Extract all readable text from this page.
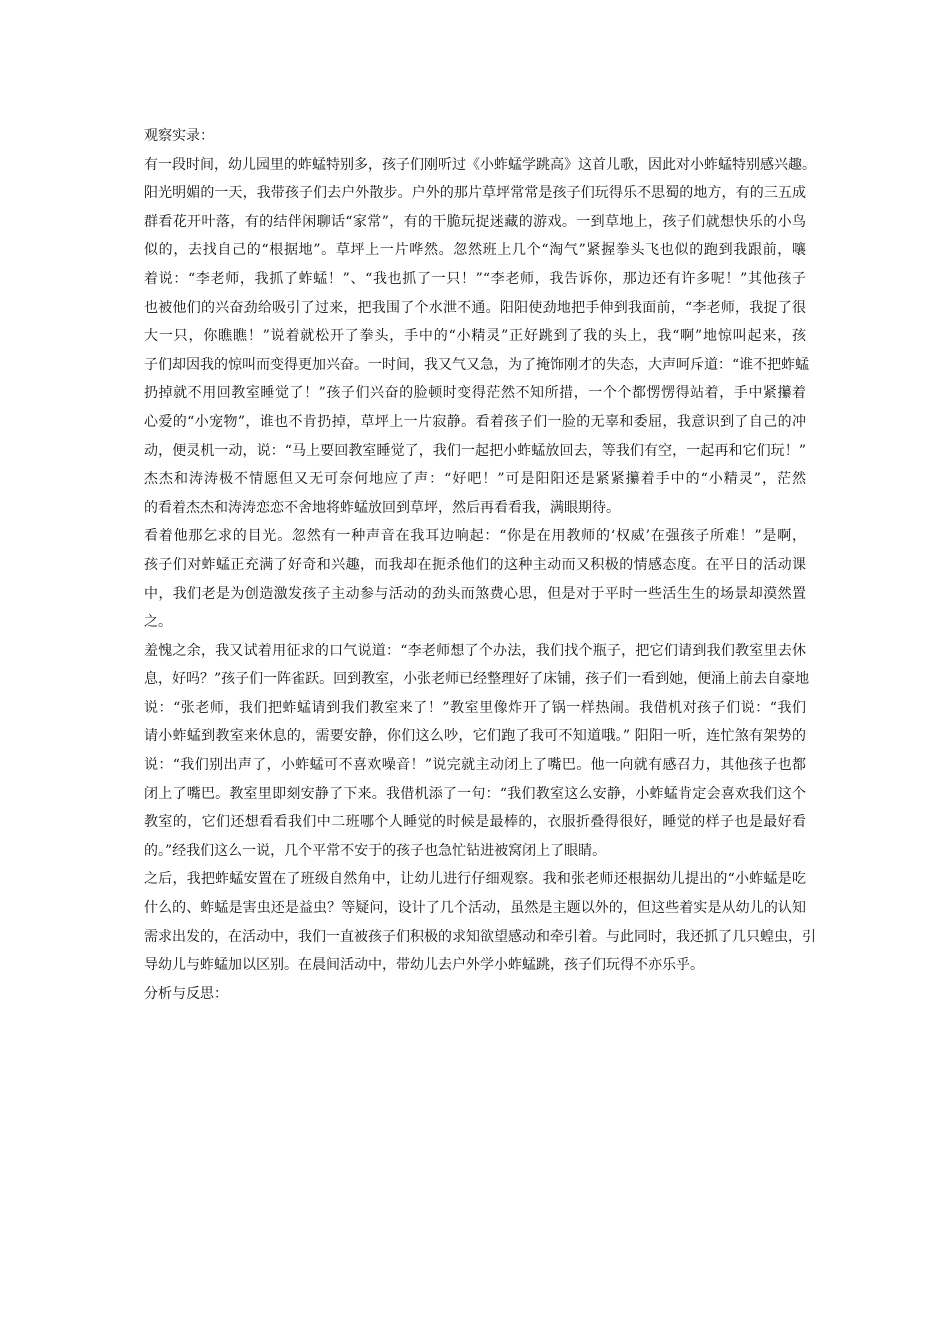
观察实录：
有一段时间，幼儿园里的蚱蜢特别多，孩子们刚听过《小蚱蜢学跳高》这首儿歌，因此对小蚱蜢特别感兴趣。
阳光明媚的一天，我带孩子们去户外散步。户外的那片草坪常常是孩子们玩得乐不思蜀的地方，有的三五成
群看花开叶落，有的结伴闲聊话“家常”，有的干脆玩捉迷藏的游戏。一到草地上，孩子们就想快乐的小鸟
似的，去找自己的“根据地”。草坪上一片哗然。忽然班上几个“淘气”紧握拳头飞也似的跑到我跟前，嚷
着说：“李老师，我抓了蚱蜢！”、“我也抓了一只！”“李老师，我告诉你，那边还有许多呢！”其他孩子
也被他们的兴奋劲给吸引了过来，把我围了个水泄不通。阳阳使劲地把手伸到我面前，“李老师，我捉了很
大一只，你瞧瞧！”说着就松开了拳头，手中的“小精灵”正好跳到了我的头上，我“啊”地惊叫起来，孩
子们却因我的惊叫而变得更加兴奋。一时间，我又气又急，为了掩饰刚才的失态，大声呵斥道：“谁不把蚱蜢
扔掉就不用回教室睡觉了！”孩子们兴奋的脸顿时变得茫然不知所措，一个个都愣愣得站着，手中紧攥着
心爱的“小宠物”，谁也不肯扔掉，草坪上一片寂静。看着孩子们一脸的无辜和委屈，我意识到了自己的冲
动，便灵机一动，说：“马上要回教室睡觉了，我们一起把小蚱蜢放回去，等我们有空，一起再和它们玩！”
杰杰和涛涛极不情愿但又无可奈何地应了声：“好吧！”可是阳阳还是紧紧攥着手中的“小精灵”，茫然
的看着杰杰和涛涛恋恋不舍地将蚱蜢放回到草坪，然后再看看我，满眼期待。
看着他那乞求的目光。忽然有一种声音在我耳边响起：“你是在用教师的‘权威’在强孩子所难！”是啊，
孩子们对蚱蜢正充满了好奇和兴趣，而我却在扼杀他们的这种主动而又积极的情感态度。在平日的活动课
中，我们老是为创造激发孩子主动参与活动的劲头而煞费心思，但是对于平时一些活生生的场景却漠然置
之。
羞愧之余，我又试着用征求的口气说道：“李老师想了个办法，我们找个瓶子，把它们请到我们教室里去休
息，好吗？”孩子们一阵雀跃。回到教室，小张老师已经整理好了床铺，孩子们一看到她，便涌上前去自豪地
说：“张老师，我们把蚱蜢请到我们教室来了！”教室里像炸开了锅一样热闹。我借机对孩子们说：“我们
请小蚱蜢到教室来休息的，需要安静，你们这么吵，它们跑了我可不知道哦。” 阳阳一听，连忙煞有架势的
说：“我们别出声了，小蚱蜢可不喜欢噪音！”说完就主动闭上了嘴巴。他一向就有感召力，其他孩子也都
闭上了嘴巴。教室里即刻安静了下来。我借机添了一句：“我们教室这么安静，小蚱蜢肯定会喜欢我们这个
教室的，它们还想看看我们中二班哪个人睡觉的时候是最棒的，衣服折叠得很好，睡觉的样子也是最好看
的。”经我们这么一说，几个平常不安于的孩子也急忙钻进被窝闭上了眼睛。
之后，我把蚱蜢安置在了班级自然角中，让幼儿进行仔细观察。我和张老师还根据幼儿提出的“小蚱蜢是吃
什么的、蚱蜢是害虫还是益虫？等疑问，设计了几个活动，虽然是主题以外的，但这些着实是从幼儿的认知
需求出发的，在活动中，我们一直被孩子们积极的求知欲望感动和牵引着。与此同时，我还抓了几只蝗虫，引
导幼儿与蚱蜢加以区别。在晨间活动中，带幼儿去户外学小蚱蜢跳，孩子们玩得不亦乐乎。
分析与反思：
